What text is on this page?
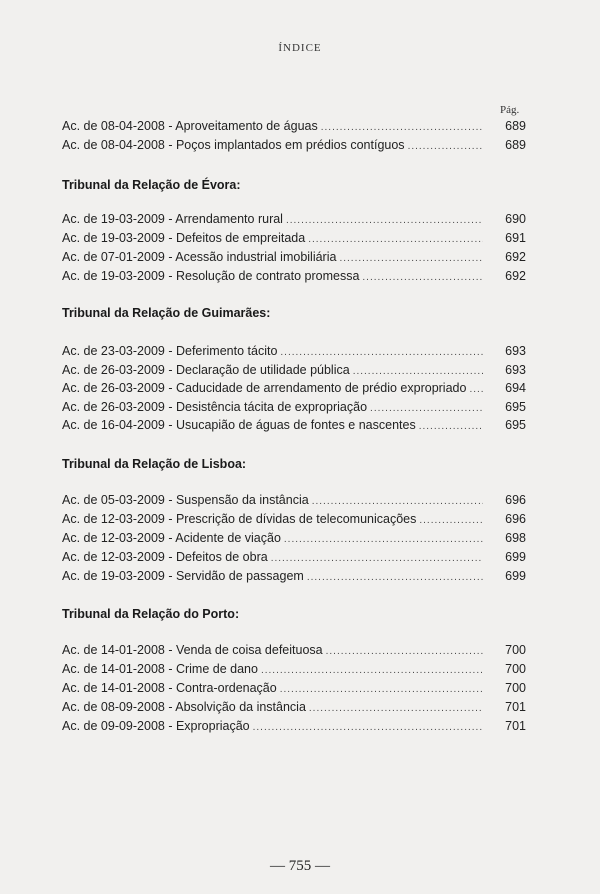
ÍNDICE
Pág.
Ac. de 08-04-2008 - Aproveitamento de águas .....	689
Ac. de 08-04-2008 - Poços implantados em prédios contíguos .....	689
Tribunal da Relação de Évora:
Ac. de 19-03-2009 - Arrendamento rural .....	690
Ac. de 19-03-2009 - Defeitos de empreitada .....	691
Ac. de 07-01-2009 - Acessão industrial imobiliária .....	692
Ac. de 19-03-2009 - Resolução de contrato promessa .....	692
Tribunal da Relação de Guimarães:
Ac. de 23-03-2009 - Deferimento tácito .....	693
Ac. de 26-03-2009 - Declaração de utilidade pública .....	693
Ac. de 26-03-2009 - Caducidade de arrendamento de prédio expropriado .....	694
Ac. de 26-03-2009 - Desistência tácita de expropriação .....	695
Ac. de 16-04-2009 - Usucapião de águas de fontes e nascentes .....	695
Tribunal da Relação de Lisboa:
Ac. de 05-03-2009 - Suspensão da instância .....	696
Ac. de 12-03-2009 - Prescrição de dívidas de telecomunicações .....	696
Ac. de 12-03-2009 - Acidente de viação .....	698
Ac. de 12-03-2009 - Defeitos de obra .....	699
Ac. de 19-03-2009 - Servidão de passagem .....	699
Tribunal da Relação do Porto:
Ac. de 14-01-2008 - Venda de coisa defeituosa .....	700
Ac. de 14-01-2008 - Crime de dano .....	700
Ac. de 14-01-2008 - Contra-ordenação .....	700
Ac. de 08-09-2008 - Absolvição da instância .....	701
Ac. de 09-09-2008 - Expropriação .....	701
— 755 —
